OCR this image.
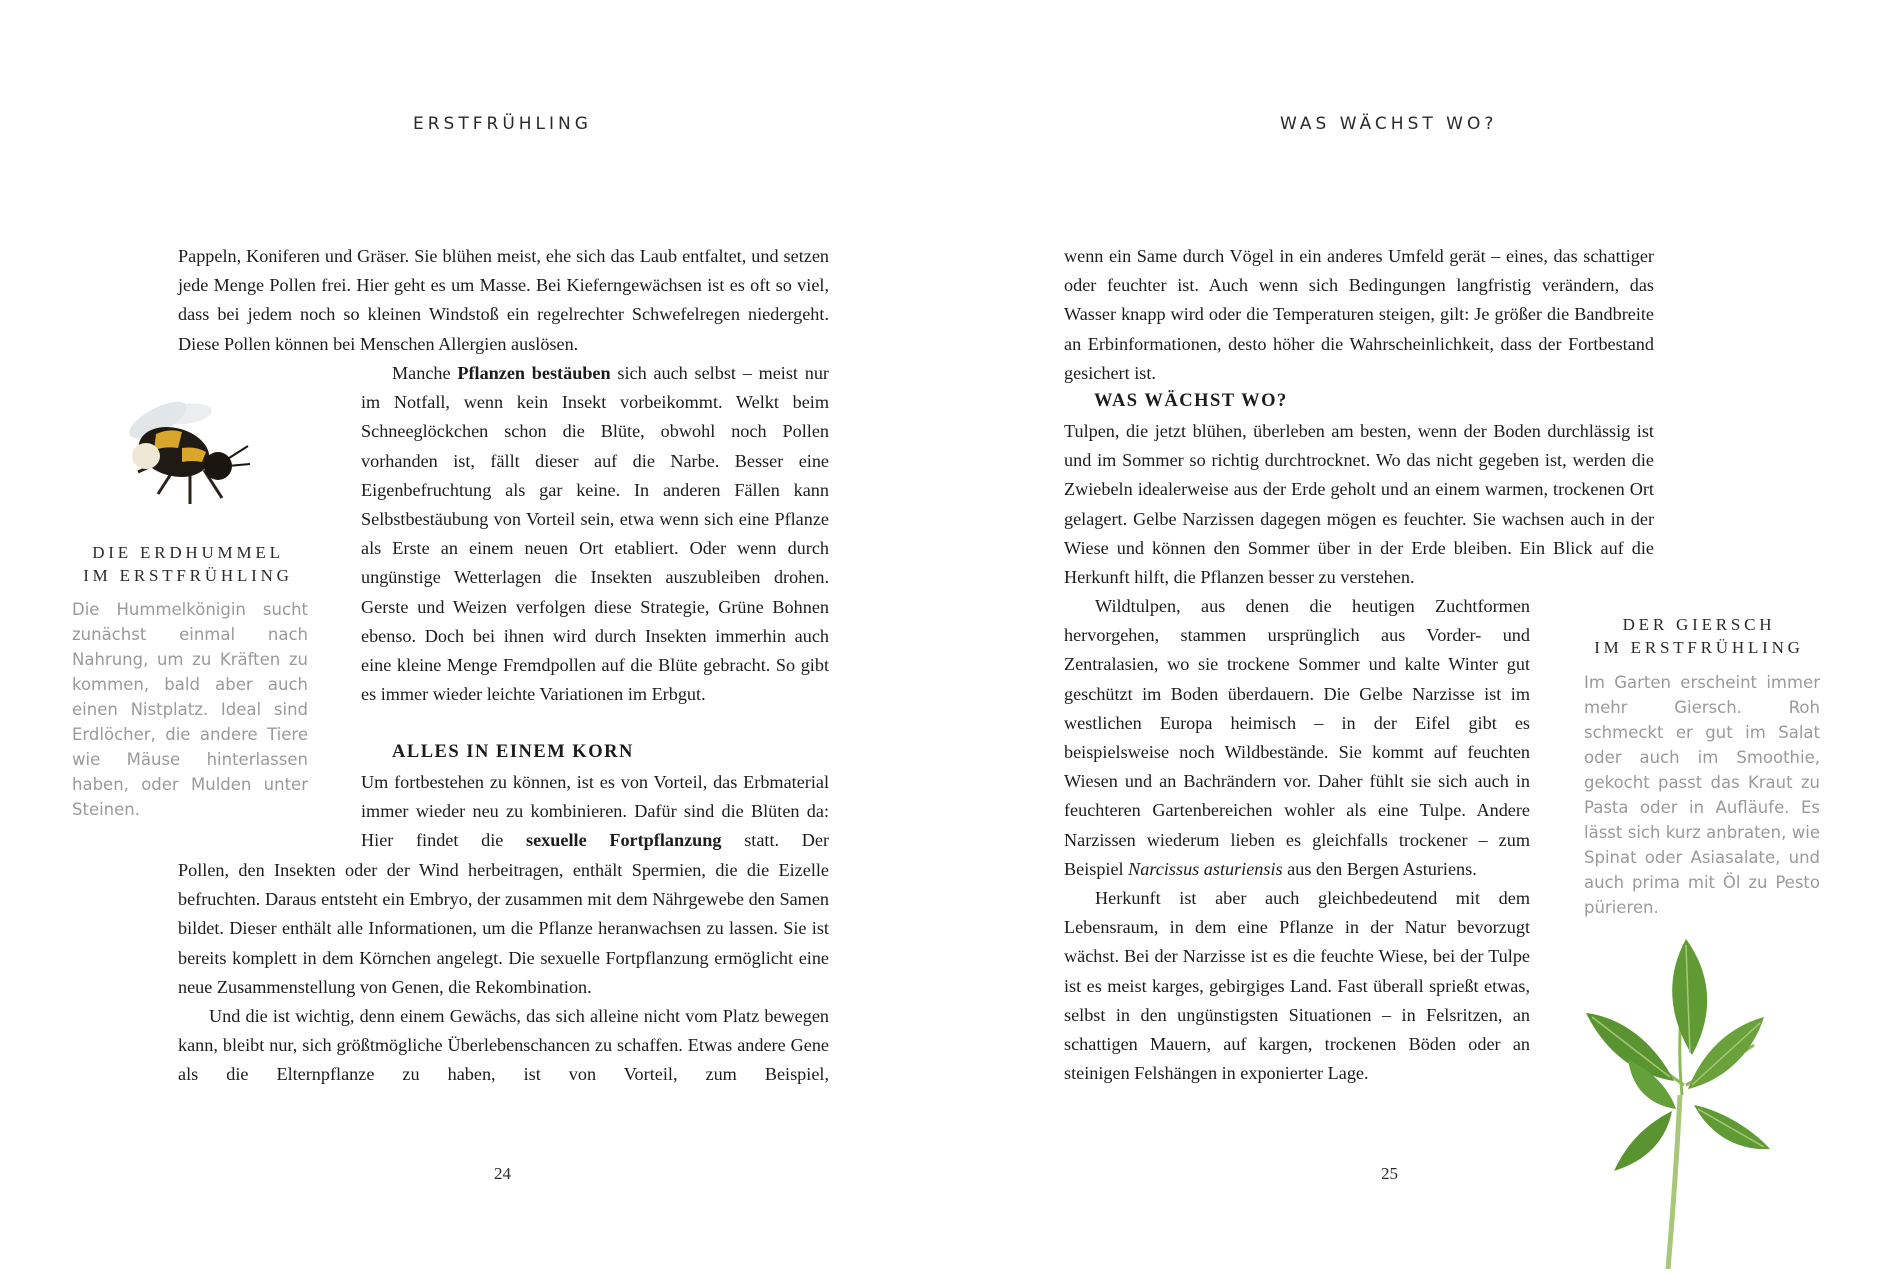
ERSTFRÜHLING

Pappeln, Koniferen und Gräser. Sie blühen meist, ehe sich das Laub entfaltet, und setzen jede Menge Pollen frei. Hier geht es um Masse. Bei Kieferngewächsen ist es oft so viel, dass bei jedem noch so kleinen Windstoß ein regelrechter Schwefelregen niedergeht. Diese Pollen können bei Menschen Allergien auslösen.

Manche Pflanzen bestäuben sich auch selbst – meist nur im Notfall, wenn kein Insekt vorbeikommt. Welkt beim Schneeglöckchen schon die Blüte, obwohl noch Pollen vorhanden ist, fällt dieser auf die Narbe. Besser eine Eigenbefruchtung als gar keine. In anderen Fällen kann Selbstbestäubung von Vorteil sein, etwa wenn sich eine Pflanze als Erste an einem neuen Ort etabliert. Oder wenn durch ungünstige Wetterlagen die Insekten auszubleiben drohen. Gerste und Weizen verfolgen diese Strategie, Grüne Bohnen ebenso. Doch bei ihnen wird durch Insekten immerhin auch eine kleine Menge Fremdpollen auf die Blüte gebracht. So gibt es immer wieder leichte Variationen im Erbgut.

ALLES IN EINEM KORN

Um fortbestehen zu können, ist es von Vorteil, das Erbmaterial immer wieder neu zu kombinieren. Dafür sind die Blüten da: Hier findet die sexuelle Fortpflanzung statt. Der

Pollen, den Insekten oder der Wind herbeitragen, enthält Spermien, die die Eizelle befruchten. Daraus entsteht ein Embryo, der zusammen mit dem Nährgewebe den Samen bildet. Dieser enthält alle Informationen, um die Pflanze heranwachsen zu lassen. Sie ist bereits komplett in dem Körnchen angelegt. Die sexuelle Fortpflanzung ermöglicht eine neue Zusammenstellung von Genen, die Rekombination.

Und die ist wichtig, denn einem Gewächs, das sich alleine nicht vom Platz bewegen kann, bleibt nur, sich größtmögliche Überlebenschancen zu schaffen. Etwas andere Gene als die Elternpflanze zu haben, ist von Vorteil, zum Beispiel,

DIE ERDHUMMEL
IM ERSTFRÜHLING
Die Hummelkönigin sucht zunächst einmal nach Nahrung, um zu Kräften zu kommen, bald aber auch einen Nistplatz. Ideal sind Erdlöcher, die andere Tiere wie Mäuse hinterlassen haben, oder Mulden unter Steinen.
24
WAS WÄCHST WO?

wenn ein Same durch Vögel in ein anderes Umfeld gerät – eines, das schattiger oder feuchter ist. Auch wenn sich Bedingungen langfristig verändern, das Wasser knapp wird oder die Temperaturen steigen, gilt: Je größer die Bandbreite an Erbinformationen, desto höher die Wahrscheinlichkeit, dass der Fortbestand gesichert ist.

WAS WÄCHST WO?

Tulpen, die jetzt blühen, überleben am besten, wenn der Boden durchlässig ist und im Sommer so richtig durchtrocknet. Wo das nicht gegeben ist, werden die Zwiebeln idealerweise aus der Erde geholt und an einem warmen, trockenen Ort gelagert. Gelbe Narzissen dagegen mögen es feuchter. Sie wachsen auch in der Wiese und können den Sommer über in der Erde bleiben. Ein Blick auf die Herkunft hilft, die Pflanzen besser zu verstehen.

Wildtulpen, aus denen die heutigen Zuchtformen hervorgehen, stammen ursprünglich aus Vorder- und Zentralasien, wo sie trockene Sommer und kalte Winter gut geschützt im Boden überdauern. Die Gelbe Narzisse ist im westlichen Europa heimisch – in der Eifel gibt es beispielsweise noch Wildbestände. Sie kommt auf feuchten Wiesen und an Bachrändern vor. Daher fühlt sie sich auch in feuchteren Gartenbereichen wohler als eine Tulpe. Andere Narzissen wiederum lieben es gleichfalls trockener – zum Beispiel Narcissus asturiensis aus den Bergen Asturiens.

Herkunft ist aber auch gleichbedeutend mit dem Lebensraum, in dem eine Pflanze in der Natur bevorzugt wächst. Bei der Narzisse ist es die feuchte Wiese, bei der Tulpe ist es meist karges, gebirgiges Land. Fast überall sprießt etwas, selbst in den ungünstigsten Situationen – in Felsritzen, an schattigen Mauern, auf kargen, trockenen Böden oder an steinigen Felshängen in exponierter Lage.

DER GIERSCH
IM ERSTFRÜHLING
Im Garten erscheint immer mehr Giersch. Roh schmeckt er gut im Salat oder auch im Smoothie, gekocht passt das Kraut zu Pasta oder in Aufläufe. Es lässt sich kurz anbraten, wie Spinat oder Asiasalate, und auch prima mit Öl zu Pesto pürieren.
25
